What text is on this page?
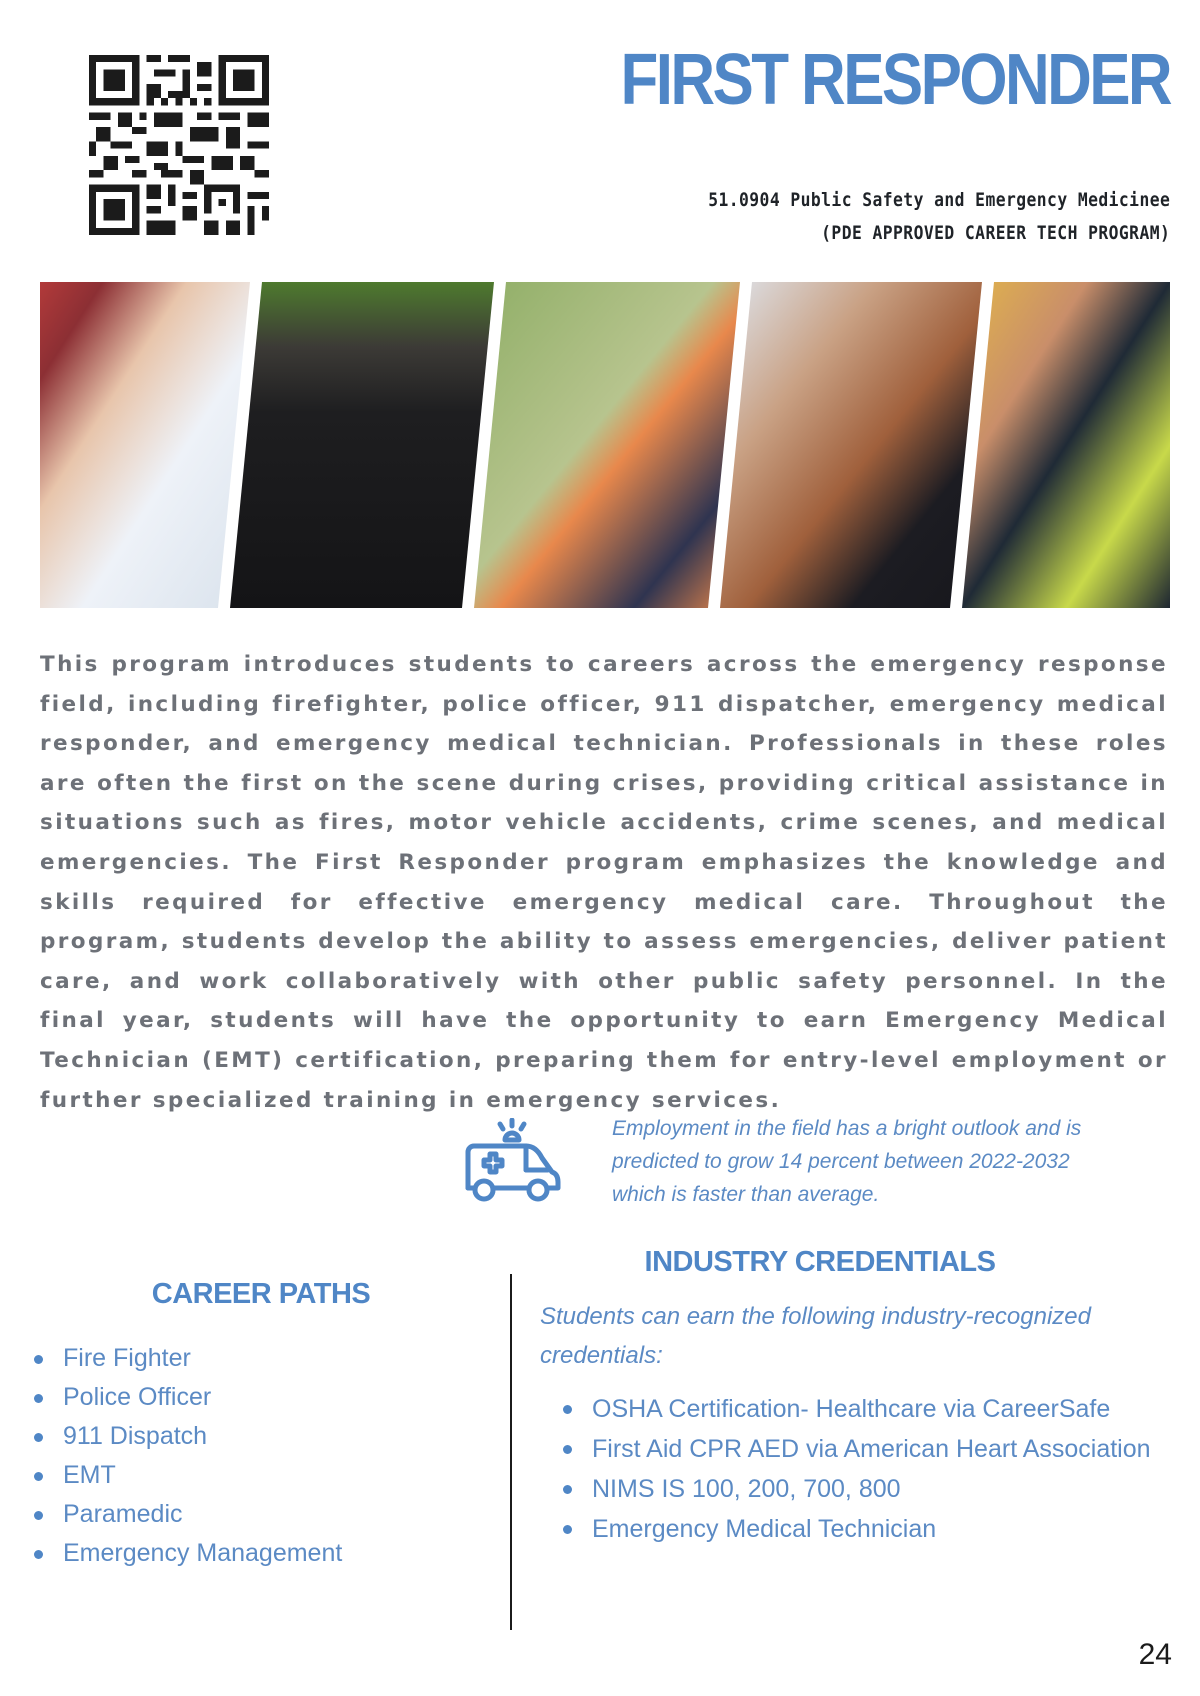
FIRST RESPONDER
51.0904 Public Safety and Emergency Medicinee
(PDE APPROVED CAREER TECH PROGRAM)

This program introduces students to careers across the emergency response field, including firefighter, police officer, 911 dispatcher, emergency medical responder, and emergency medical technician. Professionals in these roles are often the first on the scene during crises, providing critical assistance in situations such as fires, motor vehicle accidents, crime scenes, and medical emergencies. The First Responder program emphasizes the knowledge and skills required for effective emergency medical care. Throughout the program, students develop the ability to assess emergencies, deliver patient care, and work collaboratively with other public safety personnel. In the final year, students will have the opportunity to earn Emergency Medical Technician (EMT) certification, preparing them for entry-level employment or further specialized training in emergency services.

Employment in the field has a bright outlook and is predicted to grow 14 percent between 2022-2032 which is faster than average.

CAREER PATHS
Fire Fighter
Police Officer
911 Dispatch
EMT
Paramedic
Emergency Management
INDUSTRY CREDENTIALS

Students can earn the following industry-recognized credentials:

OSHA Certification- Healthcare via CareerSafe
First Aid CPR AED via American Heart Association
NIMS IS 100, 200, 700, 800
Emergency Medical Technician
24
